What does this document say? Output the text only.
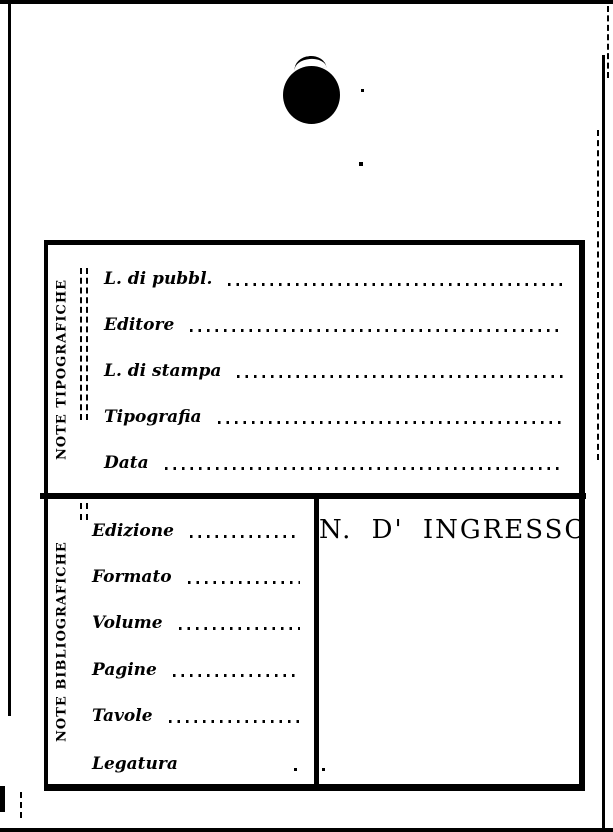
NOTE TIPOGRAFICHE L. di pubbl.
Editore
L. di stampa
Tipografia
Data
NOTE BIBLIOGRAFICHE
Edizione
Formato
Volume
Pagine
Tavole
Legatura
N. D' INGRESSO
